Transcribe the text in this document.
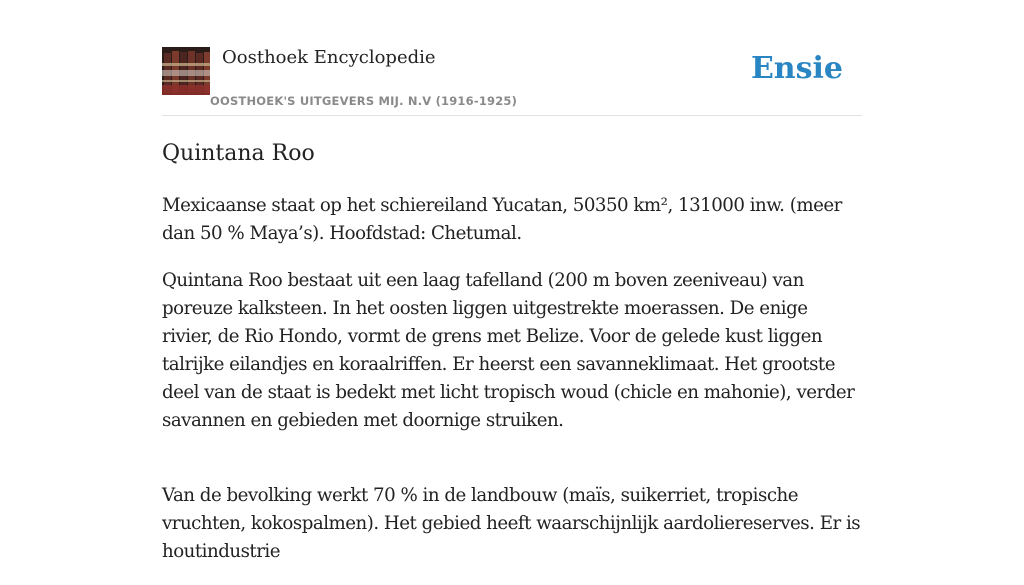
Oosthoek Encyclopedie
OOSTHOEK'S UITGEVERS MIJ. N.V (1916-1925)
Ensie
Quintana Roo

Mexicaanse staat op het schiereiland Yucatan, 50350 km², 131000 inw. (meer dan 50 % Maya’s). Hoofdstad: Chetumal.

Quintana Roo bestaat uit een laag tafelland (200 m boven zeeniveau) van poreuze kalksteen. In het oosten liggen uitgestrekte moerassen. De enige rivier, de Rio Hondo, vormt de grens met Belize. Voor de gelede kust liggen talrijke eilandjes en koraalriffen. Er heerst een savanneklimaat. Het grootste deel van de staat is bedekt met licht tropisch woud (chicle en mahonie), verder savannen en gebieden met doornige struiken.

Van de bevolking werkt 70 % in de landbouw (maïs, suikerriet, tropische vruchten, kokospalmen). Het gebied heeft waarschijnlijk aardoliereserves. Er is houtindustrie
